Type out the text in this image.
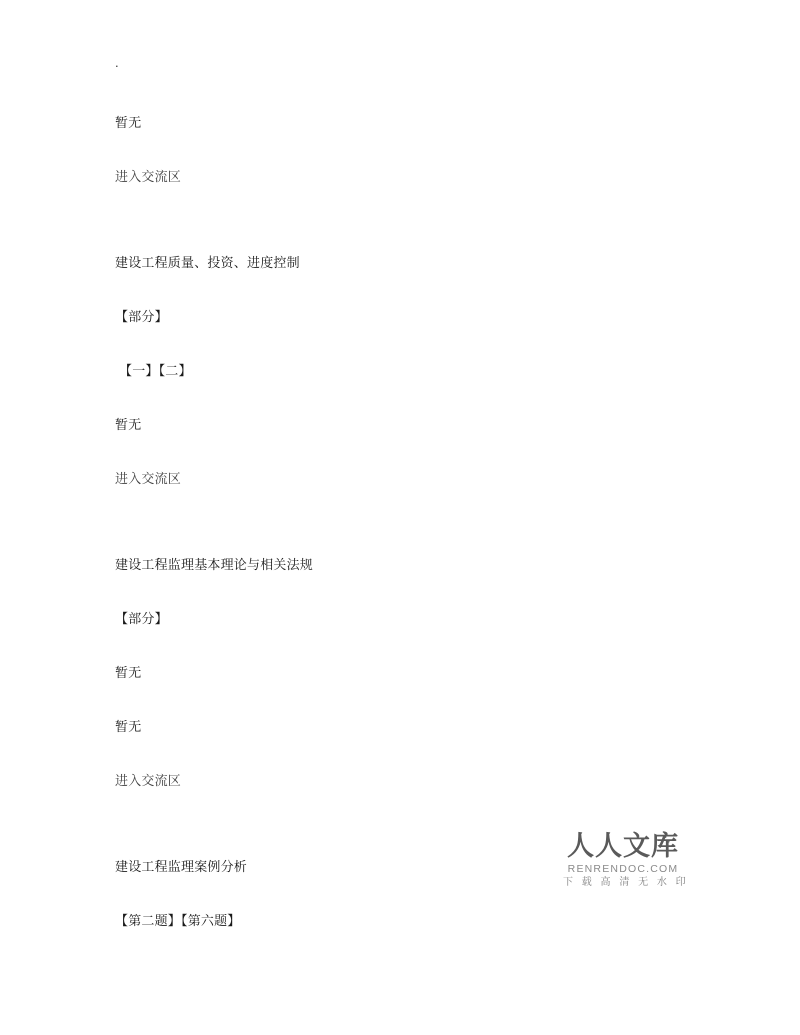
.
暂无
进入交流区
建设工程质量、投资、进度控制
【部分】
【一】【二】
暂无
进入交流区
建设工程监理基本理论与相关法规
【部分】
暂无
暂无
进入交流区
建设工程监理案例分析
【第二题】【第六题】
人人文库
RENRENDOC.COM
下 载 高 清 无 水 印
